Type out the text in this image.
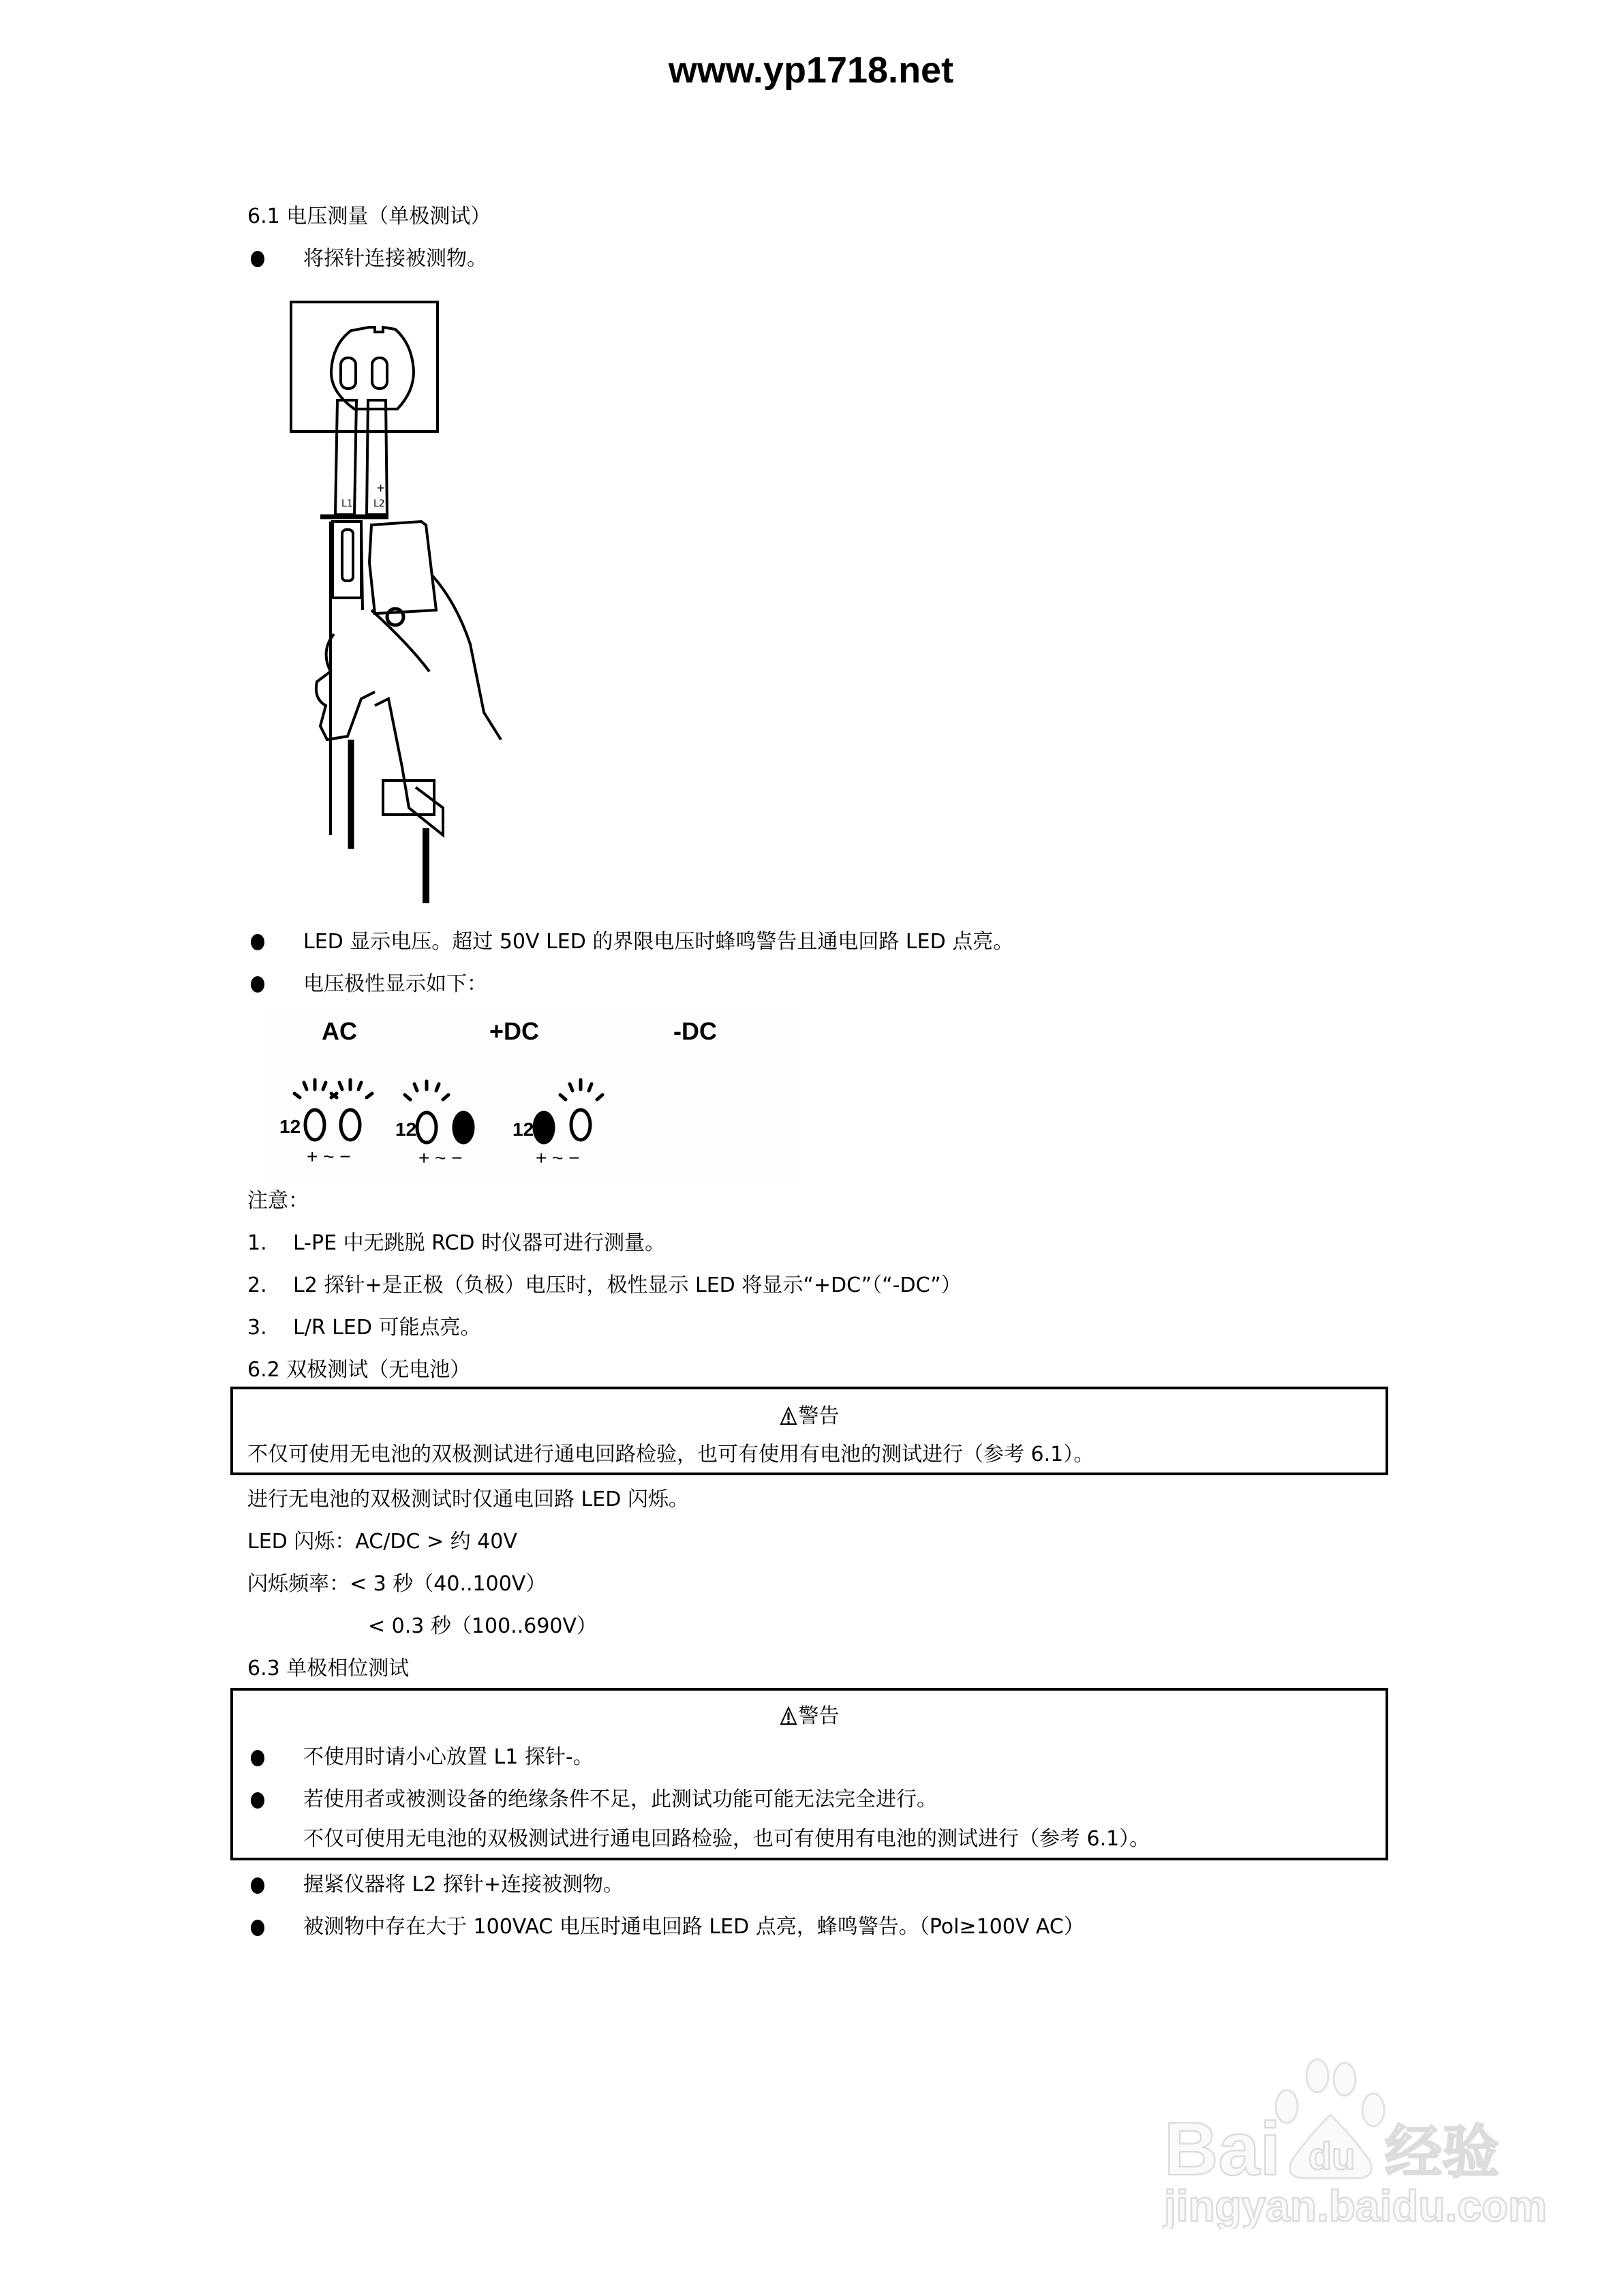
www.yp1718.net
6.1 电压测量（单极测试）
将探针连接被测物。
L1 L2
+
LED 显示电压。超过 50V LED 的界限电压时蜂鸣警告且通电回路 LED 点亮。
电压极性显示如下：
AC	+DC	-DC
12	12	12
+ ~ −	+ ~ −	+ ~ −
注意：
1. L-PE 中无跳脱 RCD 时仪器可进行测量。
2. L2 探针+是正极（负极）电压时，极性显示 LED 将显示“+DC”（“-DC”）
3. L/R LED 可能点亮。
6.2 双极测试（无电池）
警告
不仅可使用无电池的双极测试进行通电回路检验，也可有使用有电池的测试进行（参考 6.1）。
进行无电池的双极测试时仅通电回路 LED 闪烁。
LED 闪烁：AC/DC > 约 40V
闪烁频率：< 3 秒（40..100V）
< 0.3 秒（100..690V）
6.3 单极相位测试
警告
不使用时请小心放置 L1 探针-。
若使用者或被测设备的绝缘条件不足，此测试功能可能无法完全进行。
不仅可使用无电池的双极测试进行通电回路检验，也可有使用有电池的测试进行（参考 6.1）。
握紧仪器将 L2 探针+连接被测物。
被测物中存在大于 100VAC 电压时通电回路 LED 点亮，蜂鸣警告。（Pol≥100V AC）
Bai du 经验
jingyan.baidu.com
